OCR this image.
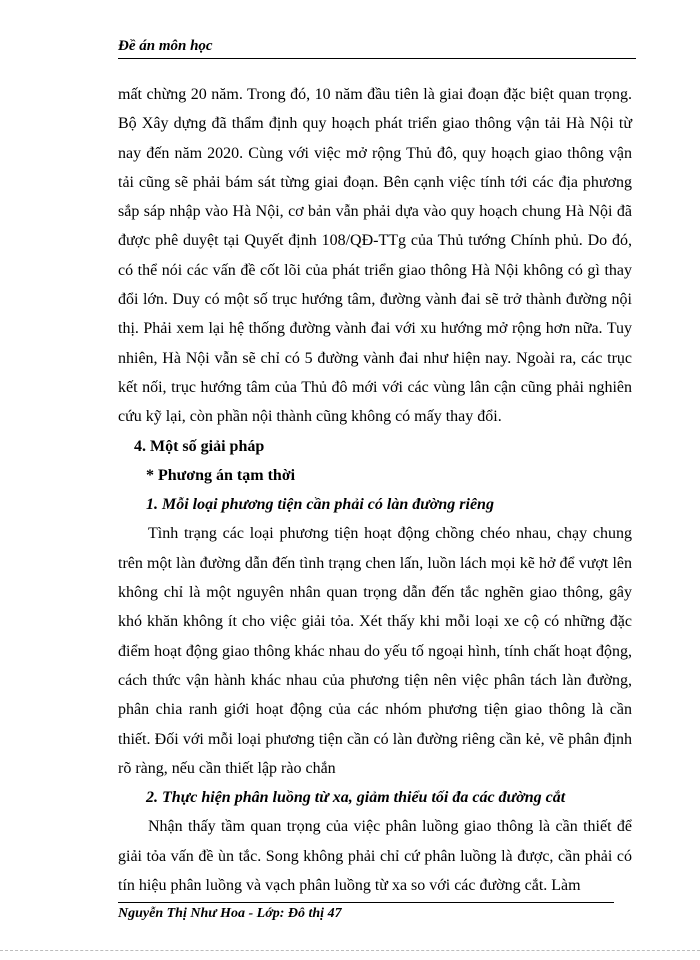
Đề án môn học

mất chừng 20 năm. Trong đó, 10 năm đầu tiên là giai đoạn đặc biệt quan trọng. Bộ Xây dựng đã thẩm định quy hoạch phát triển giao thông vận tải Hà Nội từ nay đến năm 2020. Cùng với việc mở rộng Thủ đô, quy hoạch giao thông vận tải cũng sẽ phải bám sát từng giai đoạn. Bên cạnh việc tính tới các địa phương sắp sáp nhập vào Hà Nội, cơ bản vẫn phải dựa vào quy hoạch chung Hà Nội đã được phê duyệt tại Quyết định 108/QĐ-TTg của Thủ tướng Chính phủ. Do đó, có thể nói các vấn đề cốt lõi của phát triển giao thông Hà Nội không có gì thay đổi lớn. Duy có một số trục hướng tâm, đường vành đai sẽ trở thành đường nội thị. Phải xem lại hệ thống đường vành đai với xu hướng mở rộng hơn nữa. Tuy nhiên, Hà Nội vẫn sẽ chỉ có 5 đường vành đai như hiện nay. Ngoài ra, các trục kết nối, trục hướng tâm của Thủ đô mới với các vùng lân cận cũng phải nghiên cứu kỹ lại, còn phần nội thành cũng không có mấy thay đổi.

4. Một số giải pháp

* Phương án tạm thời

1. Mỗi loại phương tiện cần phải có làn đường riêng

Tình trạng các loại phương tiện hoạt động chồng chéo nhau, chạy chung trên một làn đường dẫn đến tình trạng chen lấn, luồn lách mọi kẽ hở để vượt lên không chỉ là một nguyên nhân quan trọng dẫn đến tắc nghẽn giao thông, gây khó khăn không ít cho việc giải tỏa. Xét thấy khi mỗi loại xe cộ có những đặc điểm hoạt động giao thông khác nhau do yếu tố ngoại hình, tính chất hoạt động, cách thức vận hành khác nhau của phương tiện nên việc phân tách làn đường, phân chia ranh giới hoạt động của các nhóm phương tiện giao thông là cần thiết. Đối với mỗi loại phương tiện cần có làn đường riêng cần kẻ, vẽ phân định rõ ràng, nếu cần thiết lập rào chắn

2. Thực hiện phân luồng từ xa, giảm thiểu tối đa các đường cắt

Nhận thấy tầm quan trọng của việc phân luồng giao thông là cần thiết để giải tỏa vấn đề ùn tắc. Song không phải chỉ cứ phân luồng là được, cần phải có tín hiệu phân luồng và vạch phân luồng từ xa so với các đường cắt. Làm

Nguyễn Thị Như Hoa - Lớp: Đô thị 47
